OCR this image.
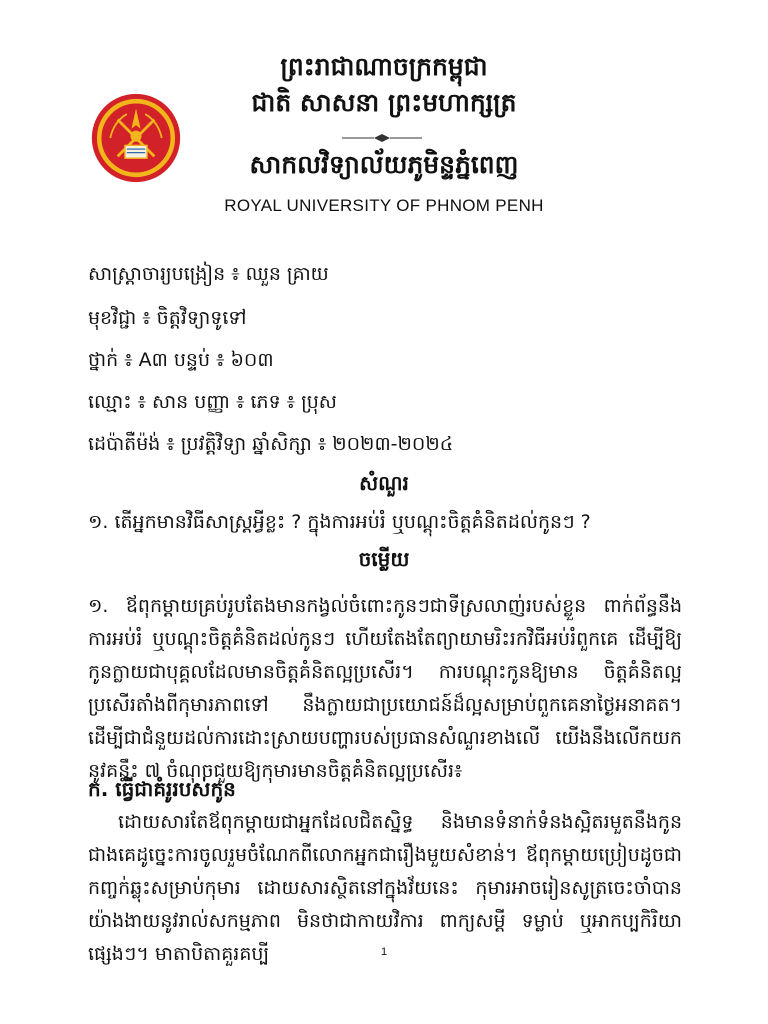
ព្រះរាជាណាចក្រកម្ពុជា
ជាតិ សាសនា ព្រះមហាក្សត្រ
សាកលវិទ្យាល័យភូមិន្ទភ្នំពេញ
ROYAL UNIVERSITY OF PHNOM PENH
សាស្ត្រាចារ្យបង្រៀន ៖ ឈួន គ្រាយ
មុខវិជ្ជា ៖ ចិត្តវិទ្យាទូទៅ
ថ្នាក់ ៖ A៣ បន្ទប់ ៖ ៦០៣
ឈ្មោះ ៖ សាន បញ្ញា ៖ ភេទ ៖ ប្រុស
ដេប៉ាតឺម៉ង់ ៖ ប្រវត្តិវិទ្យា ឆ្នាំសិក្សា ៖ ២០២៣-២០២៤
សំណួរ
១. តើអ្នកមានវិធីសាស្ត្រអ្វីខ្លះ ? ក្នុងការអប់រំ ឬបណ្តុះចិត្តគំនិតដល់កូនៗ ?
ចម្លើយ
១. ឪពុកម្តាយគ្រប់រូបតែងមានកង្វល់ចំពោះកូនៗជាទីស្រលាញ់របស់ខ្លួន ពាក់ព័ន្ធនឹងការអប់រំ ឬបណ្តុះចិត្តគំនិតដល់កូនៗ ហើយតែងតែព្យាយាមរិះរកវិធីអប់រំពួកគេ ដើម្បីឱ្យកូនក្លាយជាបុគ្គលដែលមានចិត្តគំនិតល្អប្រសើរ។ ការបណ្តុះកូនឱ្យមាន ចិត្តគំនិតល្អប្រសើរតាំងពីកុមារភាពទៅ នឹងក្លាយជាប្រយោជន៍ដ៏ល្អសម្រាប់ពួកគេនាថ្ងៃអនាគត។ ដើម្បីជាជំនួយដល់ការដោះស្រាយបញ្ហារបស់ប្រធានសំណួរខាងលើ យើងនឹងលើកយកនូវគន្លឹះ ៧ ចំណុចជួយឱ្យកុមារមានចិត្តគំនិតល្អប្រសើរ៖
ក. ធ្វើជាគំរូរបស់កូន
ដោយសារតែឪពុកម្តាយជាអ្នកដែលជិតស្និទ្ធ និងមានទំនាក់ទំនងស្អិតរមួតនឹងកូនជាងគេដូច្នេះការចូលរួមចំណែកពីលោកអ្នកជារឿងមួយសំខាន់។ ឪពុកម្តាយប្រៀបដូចជាកញ្ចក់ឆ្លុះសម្រាប់កុមារ ដោយសារស្ថិតនៅក្នុងវ័យនេះ កុមារអាចរៀនសូត្រចេះចាំបានយ៉ាងងាយនូវរាល់សកម្មភាព មិនថាជាកាយវិការ ពាក្យសម្តី ទម្លាប់ ឬអាកប្បកិរិយាផ្សេងៗ។ មាតាបិតាគួរគប្បី	1
